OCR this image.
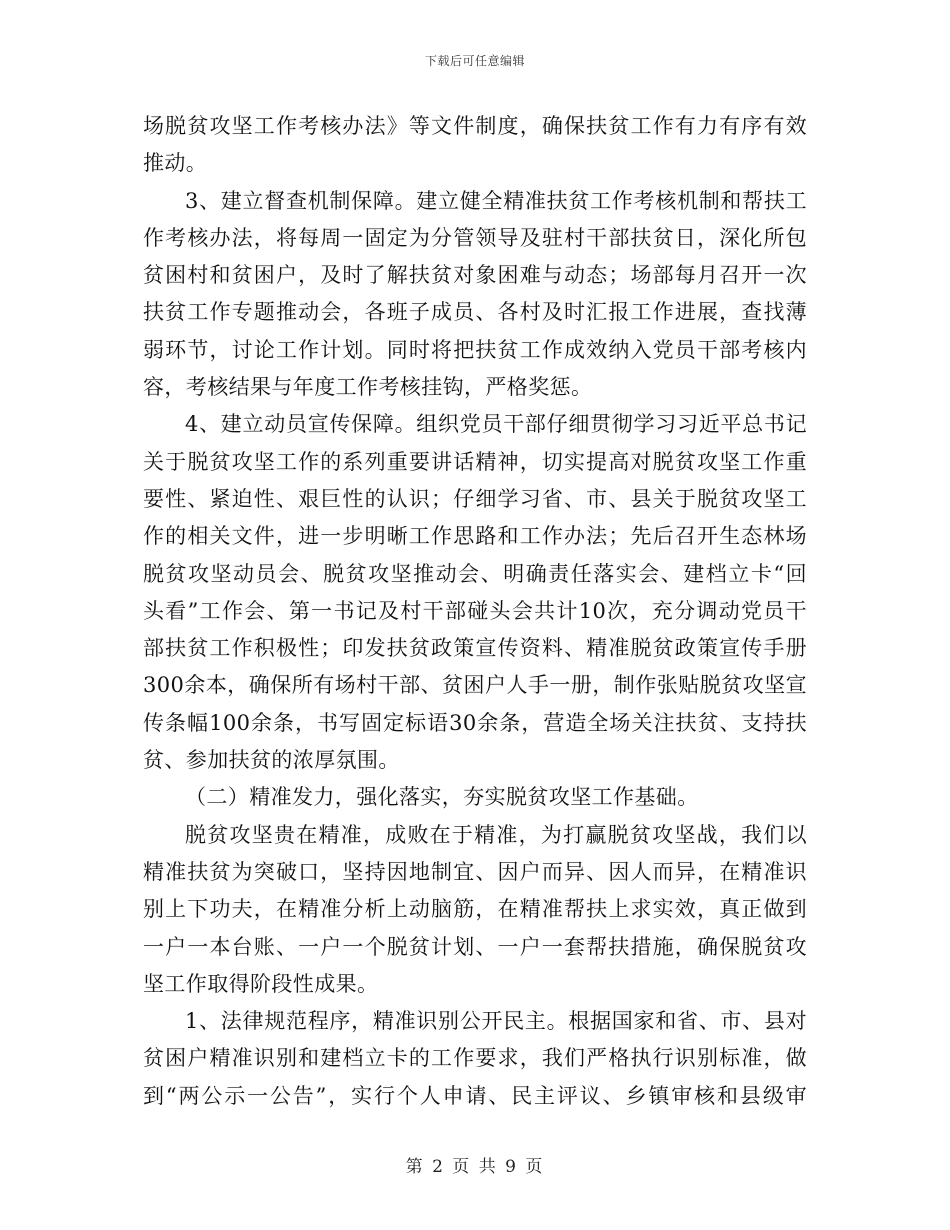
下载后可任意编辑
场脱贫攻坚工作考核办法》等文件制度，确保扶贫工作有力有序有效
推动。
3、建立督查机制保障。建立健全精准扶贫工作考核机制和帮扶工
作考核办法，将每周一固定为分管领导及驻村干部扶贫日，深化所包
贫困村和贫困户，及时了解扶贫对象困难与动态；场部每月召开一次
扶贫工作专题推动会，各班子成员、各村及时汇报工作进展，查找薄
弱环节，讨论工作计划。同时将把扶贫工作成效纳入党员干部考核内
容，考核结果与年度工作考核挂钩，严格奖惩。
4、建立动员宣传保障。组织党员干部仔细贯彻学习习近平总书记
关于脱贫攻坚工作的系列重要讲话精神，切实提高对脱贫攻坚工作重
要性、紧迫性、艰巨性的认识；仔细学习省、市、县关于脱贫攻坚工
作的相关文件，进一步明晰工作思路和工作办法；先后召开生态林场
脱贫攻坚动员会、脱贫攻坚推动会、明确责任落实会、建档立卡“回
头看”工作会、第一书记及村干部碰头会共计10次，充分调动党员干
部扶贫工作积极性；印发扶贫政策宣传资料、精准脱贫政策宣传手册
300余本，确保所有场村干部、贫困户人手一册，制作张贴脱贫攻坚宣
传条幅100余条，书写固定标语30余条，营造全场关注扶贫、支持扶
贫、参加扶贫的浓厚氛围。
（二）精准发力，强化落实，夯实脱贫攻坚工作基础。
脱贫攻坚贵在精准，成败在于精准，为打赢脱贫攻坚战，我们以
精准扶贫为突破口，坚持因地制宜、因户而异、因人而异，在精准识
别上下功夫，在精准分析上动脑筋，在精准帮扶上求实效，真正做到
一户一本台账、一户一个脱贫计划、一户一套帮扶措施，确保脱贫攻
坚工作取得阶段性成果。
1、法律规范程序，精准识别公开民主。根据国家和省、市、县对
贫困户精准识别和建档立卡的工作要求，我们严格执行识别标准，做
到“两公示一公告”，实行个人申请、民主评议、乡镇审核和县级审
第 2 页 共 9 页
